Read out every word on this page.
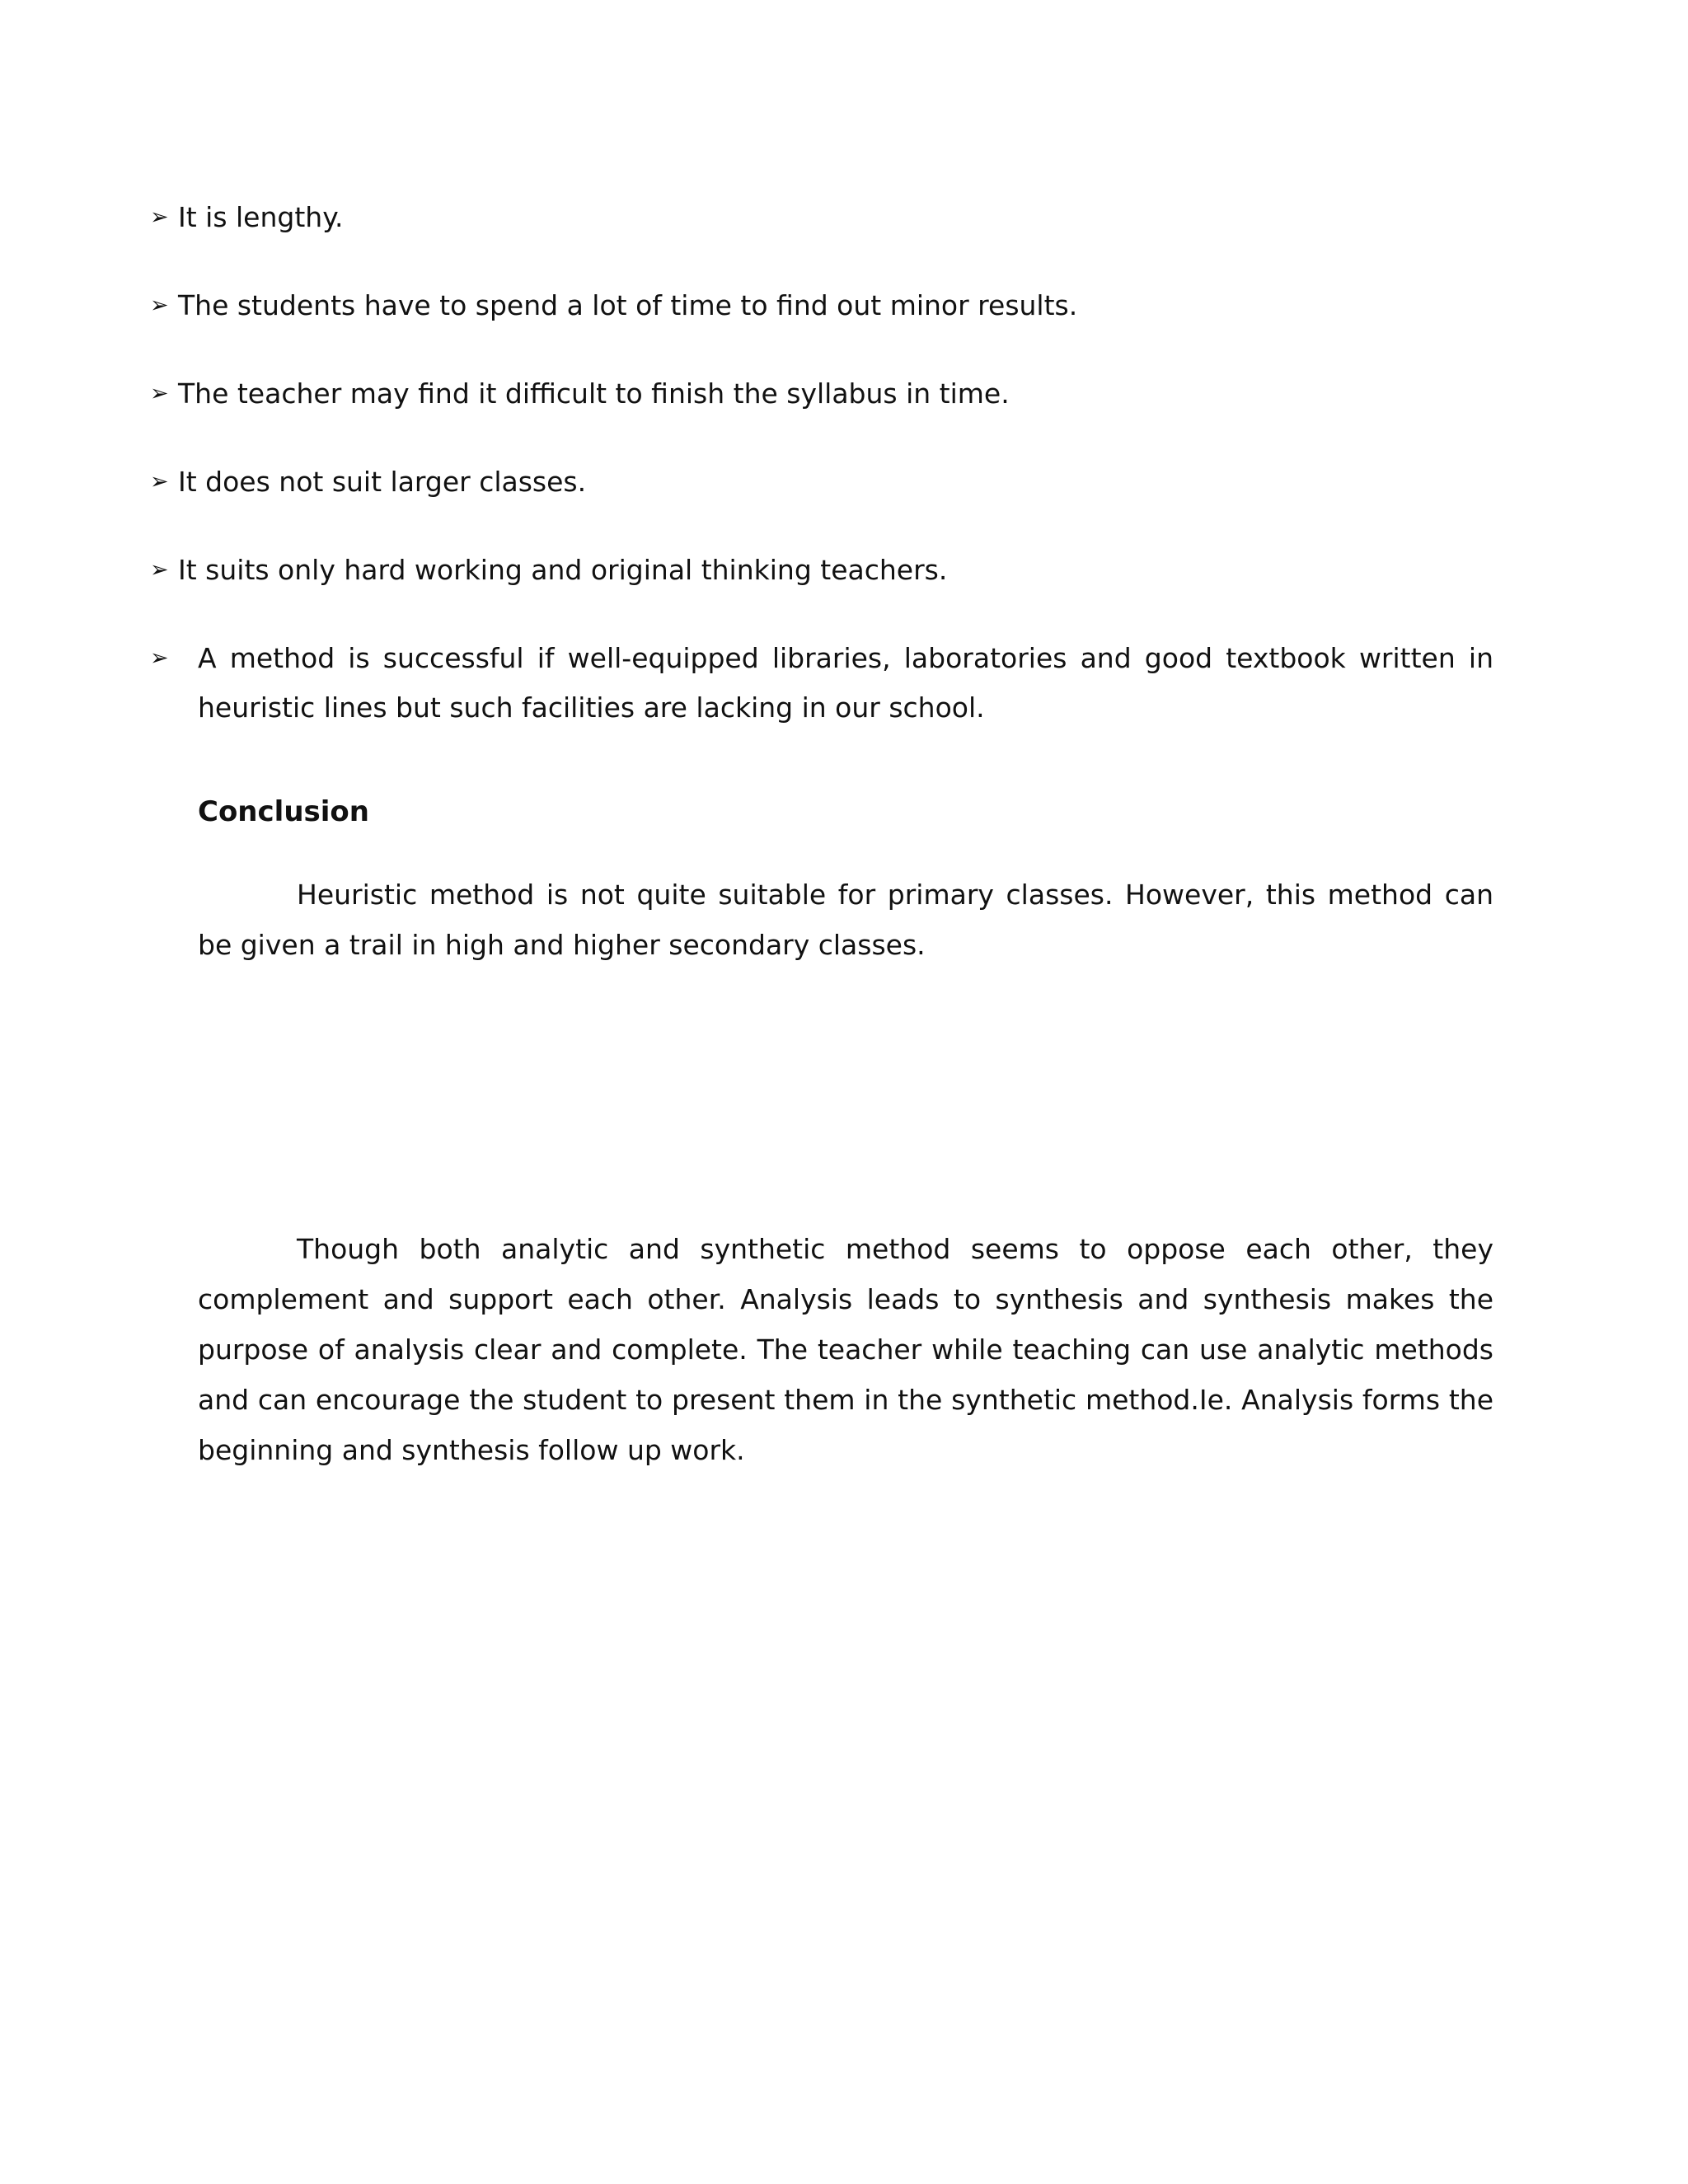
➢ It is lengthy.
➢ The students have to spend a lot of time to find out minor results.
➢ The teacher may find it difficult to finish the syllabus in time.
➢ It does not suit larger classes.
➢ It suits only hard working and original thinking teachers.
➢ A method is successful if well-equipped libraries, laboratories and good textbook written in heuristic lines but such facilities are lacking in our school.
Conclusion

Heuristic method is not quite suitable for primary classes. However, this method can be given a trail in high and higher secondary classes.

Though both analytic and synthetic method seems to oppose each other, they complement and support each other. Analysis leads to synthesis and synthesis makes the purpose of analysis clear and complete. The teacher while teaching can use analytic methods and can encourage the student to present them in the synthetic method.Ie. Analysis forms the beginning and synthesis follow up work.
